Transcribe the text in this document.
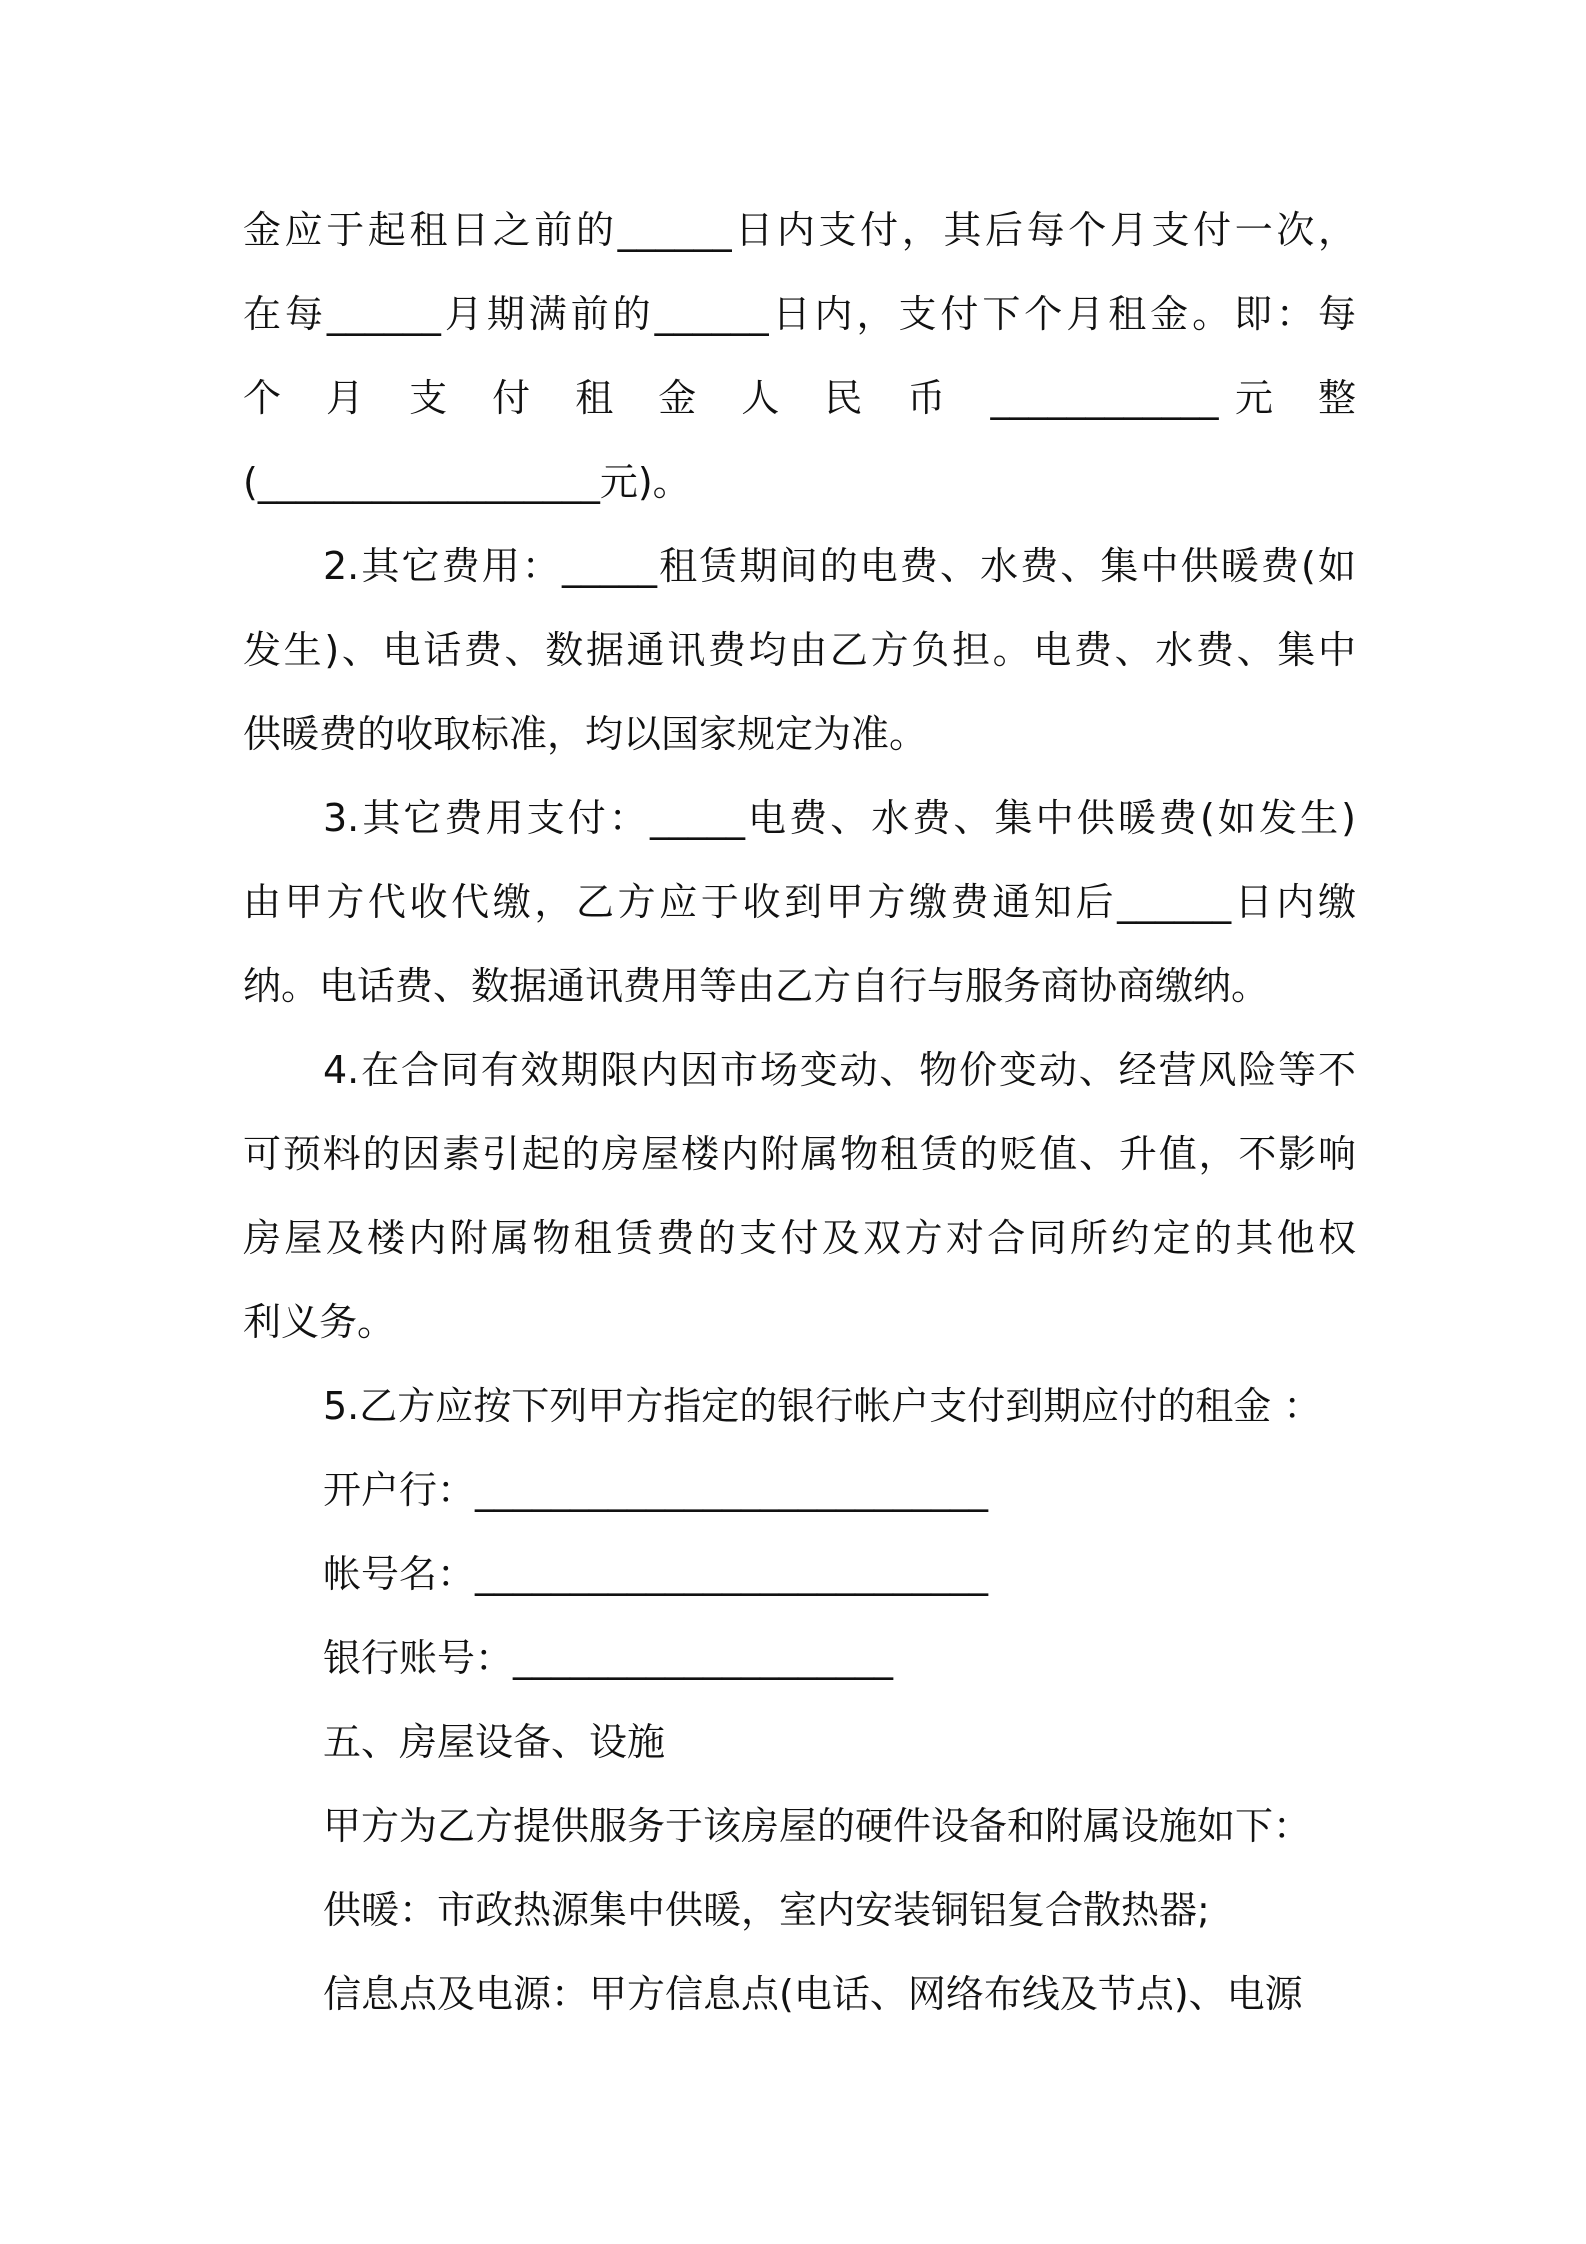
金应于起租日之前的______日内支付，其后每个月支付一次，
在每______月期满前的______日内，支付下个月租金。即：每
个 月 支 付 租 金 人 民 币 ____________元 整
(__________________元)。
2.其它费用：_____租赁期间的电费、水费、集中供暖费(如
发生)、电话费、数据通讯费均由乙方负担。电费、水费、集中
供暖费的收取标准，均以国家规定为准。
3.其它费用支付：_____电费、水费、集中供暖费(如发生)
由甲方代收代缴，乙方应于收到甲方缴费通知后______日内缴
纳。电话费、数据通讯费用等由乙方自行与服务商协商缴纳。
4.在合同有效期限内因市场变动、物价变动、经营风险等不
可预料的因素引起的房屋楼内附属物租赁的贬值、升值，不影响
房屋及楼内附属物租赁费的支付及双方对合同所约定的其他权
利义务。
5.乙方应按下列甲方指定的银行帐户支付到期应付的租金 ：
开户行：___________________________
帐号名：___________________________
银行账号：____________________
五、房屋设备、设施
甲方为乙方提供服务于该房屋的硬件设备和附属设施如下：
供暖：市政热源集中供暖，室内安装铜铝复合散热器;
信息点及电源：甲方信息点(电话、网络布线及节点)、电源
